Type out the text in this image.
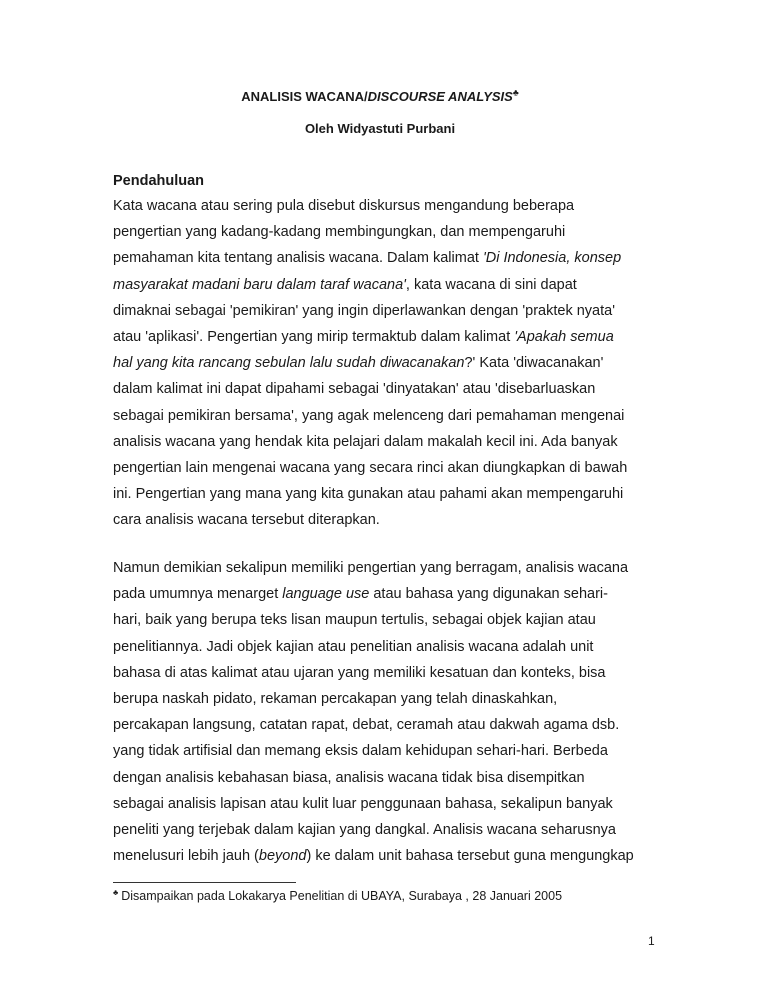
ANALISIS WACANA/DISCOURSE ANALYSIS♣
Oleh Widyastuti Purbani
Pendahuluan
Kata wacana atau sering pula disebut diskursus mengandung beberapa
pengertian yang kadang-kadang membingungkan, dan mempengaruhi
pemahaman kita tentang analisis wacana. Dalam kalimat 'Di Indonesia, konsep
masyarakat madani baru dalam taraf wacana', kata wacana di sini dapat
dimaknai sebagai 'pemikiran' yang ingin diperlawankan dengan 'praktek nyata'
atau 'aplikasi'. Pengertian yang mirip termaktub dalam kalimat 'Apakah semua
hal yang kita rancang sebulan lalu sudah diwacanakan?' Kata 'diwacanakan'
dalam kalimat ini dapat dipahami sebagai 'dinyatakan' atau 'disebarluaskan
sebagai pemikiran bersama', yang agak melenceng dari pemahaman mengenai
analisis wacana yang hendak kita pelajari dalam makalah kecil ini. Ada banyak
pengertian lain mengenai wacana yang secara rinci akan diungkapkan di bawah
ini. Pengertian yang mana yang kita gunakan atau pahami akan mempengaruhi
cara analisis wacana tersebut diterapkan.
Namun demikian sekalipun memiliki pengertian yang berragam, analisis wacana
pada umumnya menarget language use atau bahasa yang digunakan sehari-
hari, baik yang berupa teks lisan maupun tertulis, sebagai objek kajian atau
penelitiannya. Jadi objek kajian atau penelitian analisis wacana adalah unit
bahasa di atas kalimat atau ujaran yang memiliki kesatuan dan konteks, bisa
berupa naskah pidato, rekaman percakapan yang telah dinaskahkan,
percakapan langsung, catatan rapat, debat, ceramah atau dakwah agama dsb.
yang tidak artifisial dan memang eksis dalam kehidupan sehari-hari. Berbeda
dengan analisis kebahasan biasa, analisis wacana tidak bisa disempitkan
sebagai analisis lapisan atau kulit luar penggunaan bahasa, sekalipun banyak
peneliti yang terjebak dalam kajian yang dangkal. Analisis wacana seharusnya
menelusuri lebih jauh (beyond) ke dalam unit bahasa tersebut guna mengungkap
♣ Disampaikan pada Lokakarya Penelitian di UBAYA, Surabaya , 28 Januari 2005
1
